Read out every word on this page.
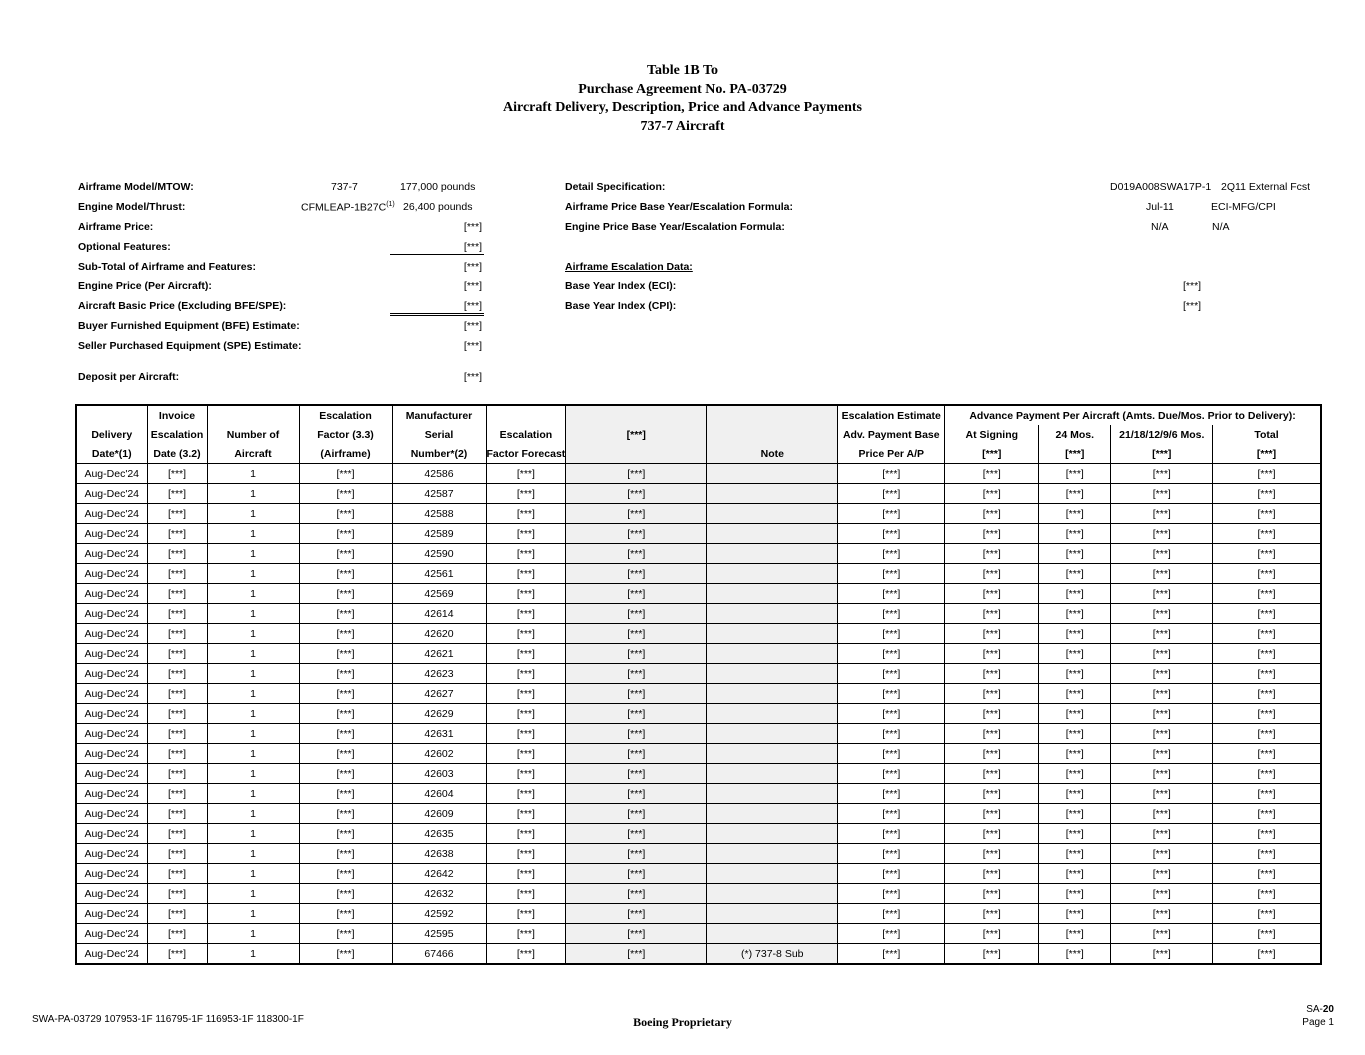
Table 1B To
Purchase Agreement No. PA-03729
Aircraft Delivery, Description, Price and Advance Payments
737-7 Aircraft
Airframe Model/MTOW:	737-7	177,000 pounds
Engine Model/Thrust:	CFMLEAP-$1B27C^{(1)}$ 26,400 pounds
Airframe Price:	[***]
Optional Features:	[***]
Sub-Total of Airframe and Features:	[***]
Engine Price (Per Aircraft):	[***]
Aircraft Basic Price (Excluding BFE/SPE):	[***]
Buyer Furnished Equipment (BFE) Estimate:	[***]
Seller Purchased Equipment (SPE) Estimate:	[***]
Deposit per Aircraft:	[***]
Detail Specification:	D019A008SWA17P-1 2Q11 External Fcst
Airframe Price Base Year/Escalation Formula:	Jul-11	ECI-MFG/CPI
Engine Price Base Year/Escalation Formula:	N/A	N/A
Airframe Escalation Data:
Base Year Index (ECI):	[***]
Base Year Index (CPI):	[***]
	Invoice		Escalation	Manufacturer				Escalation Estimate	Advance Payment Per Aircraft (Amts. Due/Mos. Prior to Delivery):			
Delivery	Escalation	Number of	Factor (3.3)	Serial	Escalation	[***]		Adv. Payment Base	At Signing	24 Mos.	21/18/12/9/6 Mos.	Total
Date*(1)	Date (3.2)	Aircraft	(Airframe)	Number*(2)	Factor Forecast		Note	Price Per A/P	[***]	[***]	[***]	[***]
Aug-Dec'24	[***]	1	[***]	42586	[***]	[***]		[***]	[***]	[***]	[***]	[***]
Aug-Dec'24	[***]	1	[***]	42587	[***]	[***]		[***]	[***]	[***]	[***]	[***]
Aug-Dec'24	[***]	1	[***]	42588	[***]	[***]		[***]	[***]	[***]	[***]	[***]
Aug-Dec'24	[***]	1	[***]	42589	[***]	[***]		[***]	[***]	[***]	[***]	[***]
Aug-Dec'24	[***]	1	[***]	42590	[***]	[***]		[***]	[***]	[***]	[***]	[***]
Aug-Dec'24	[***]	1	[***]	42561	[***]	[***]		[***]	[***]	[***]	[***]	[***]
Aug-Dec'24	[***]	1	[***]	42569	[***]	[***]		[***]	[***]	[***]	[***]	[***]
Aug-Dec'24	[***]	1	[***]	42614	[***]	[***]		[***]	[***]	[***]	[***]	[***]
Aug-Dec'24	[***]	1	[***]	42620	[***]	[***]		[***]	[***]	[***]	[***]	[***]
Aug-Dec'24	[***]	1	[***]	42621	[***]	[***]		[***]	[***]	[***]	[***]	[***]
Aug-Dec'24	[***]	1	[***]	42623	[***]	[***]		[***]	[***]	[***]	[***]	[***]
Aug-Dec'24	[***]	1	[***]	42627	[***]	[***]		[***]	[***]	[***]	[***]	[***]
Aug-Dec'24	[***]	1	[***]	42629	[***]	[***]		[***]	[***]	[***]	[***]	[***]
Aug-Dec'24	[***]	1	[***]	42631	[***]	[***]		[***]	[***]	[***]	[***]	[***]
Aug-Dec'24	[***]	1	[***]	42602	[***]	[***]		[***]	[***]	[***]	[***]	[***]
Aug-Dec'24	[***]	1	[***]	42603	[***]	[***]		[***]	[***]	[***]	[***]	[***]
Aug-Dec'24	[***]	1	[***]	42604	[***]	[***]		[***]	[***]	[***]	[***]	[***]
Aug-Dec'24	[***]	1	[***]	42609	[***]	[***]		[***]	[***]	[***]	[***]	[***]
Aug-Dec'24	[***]	1	[***]	42635	[***]	[***]		[***]	[***]	[***]	[***]	[***]
Aug-Dec'24	[***]	1	[***]	42638	[***]	[***]		[***]	[***]	[***]	[***]	[***]
Aug-Dec'24	[***]	1	[***]	42642	[***]	[***]		[***]	[***]	[***]	[***]	[***]
Aug-Dec'24	[***]	1	[***]	42632	[***]	[***]		[***]	[***]	[***]	[***]	[***]
Aug-Dec'24	[***]	1	[***]	42592	[***]	[***]		[***]	[***]	[***]	[***]	[***]
Aug-Dec'24	[***]	1	[***]	42595	[***]	[***]		[***]	[***]	[***]	[***]	[***]
Aug-Dec'24	[***]	1	[***]	67466	[***]	[***]	(*) 737-8 Sub	[***]	[***]	[***]	[***]	[***]
SWA-PA-03729 107953-1F 116795-1F 116953-1F 118300-1F	Boeing Proprietary
SA-20
Page 1
